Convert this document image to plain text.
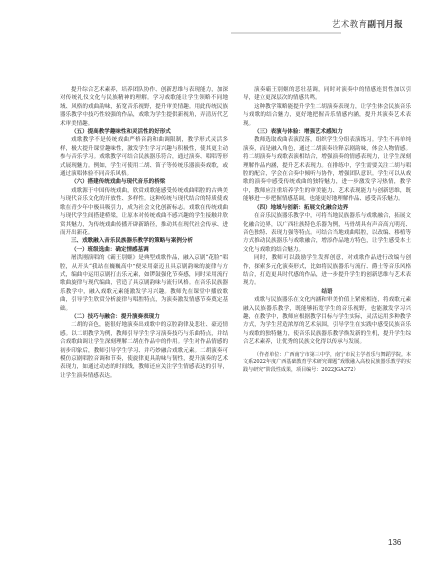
艺术教育副刊月报

提升综合艺术素养，培养团队协作、创新思维与表现能力，加深对传统礼仪文化与民族精神的理解。学习戏歌能让学生领略不同地域、风格的戏曲韵味，拓宽音乐视野，提升审美情趣。用此传统民族器乐教学中技巧性较强的作品，戏歌为学生提供新视角，弄清历代艺术审美情趣。

（五）提高教学趣味性和灵活性的好形式

戏歌教学不是传统戏曲严格音韵和曲调限制，教学形式灵活多样，极大提升课堂趣味性，激发学生学习兴趣与积极性，使其更主动参与音乐学习。戏歌教学可结合民族器乐符合，通过演奏、唱唱等形式展现魅力。例如，学生可使用二胡、笛子等传统乐器演奏戏歌，或通过演唱体验不同音乐风格。

（六）搭建传统戏曲与现代音乐的桥梁

戏歌源于中国传统戏曲，欣赏戏歌能感受传统戏曲唱腔的古典美与现代音乐文化的开放性、多样性。这种传统与现代结合的特质使戏歌在青少年中极具吸引力，成为社会文化创新标志。戏歌在传统戏曲与现代学生间搭建桥梁，让原本对传统戏曲不感兴趣的学生接触并欣赏其魅力，为传统戏曲传播开辟新路径，推动其在现代社会传承、进而开出新花。

三、戏歌融入音乐民族器乐教学的策略与案例分析

（一）班级选曲：确定情感基调

屠洪刚演唱的《霸王别姬》是典型戏歌作品，融入京剧“花脸”唱腔，从开头“我站在巍巍高中”便采用豪迈且具京剧韵味的旋律与方式，编曲中运用京剧打击乐元素，如锣鼓强化节奏感，同时采用流行歌曲旋律与现代编曲，营造了具京剧韵味与流行风格。在音乐民族器乐教学中，融入戏歌元素能激发学习兴趣。教师先在课堂中播放歌曲，引导学生欣赏分析旋律与唱腔特点，为演奏激发情感节奏奠定基础。

（二）技巧与融合：提升演奏表现力

二胡的音色，能很好地演奏出戏歌中的京腔韵律及悲壮、豪迈情感。以二胡教学为例，教师引导学生学习演奏技巧与乐曲特点，并结合戏歌曲调让学生深刻理解二胡在作品中的作用。学生对作品情感的初步印象后，教师引导学生学习、并巧妙融合戏歌元素。二胡演奏可模仿京剧唱腔音调和节奏，使旋律更具韵味与韧性，提升演奏的艺术表现力，如通过动态的时间线，教师还应关注学生情感表达的引导，让学生演奏情感表达。

演奏霸王别姬的悲壮基调，同时对演奏中的情感连贯性加以引导，建立更深层次的情感共鸣。

这种教学策略能提升学生二胡演奏表现力，让学生体会民族音乐与戏歌的结合魅力，更好地把握音乐情感内涵，提升其演奏艺术表现。

（三）表演与体验：增强艺术感知力

教师选取戏曲表演段落，组织学生分组表演练习。学生不再单纯演奏，而是融入角色，通过二胡演奏诠释京剧韵味，体会人物情感。将二胡演奏与戏歌表演相结合，增强演奏的情感表现力，让学生深刻理解作品内涵，提升艺术表现力。在排练中，学生需要关注二胡与唱腔的配合，学会在合奏中倾听与协作，增强团队意识。学生可以从戏歌的演奏中感受传统戏曲的独特魅力，进一步激发学习热情，教学中，教师应注重培养学生的审美能力、艺术表现能力与创新思维，既能够进一步把握情感基调，也能更好地理解作品、感受音乐魅力。

（四）地域与创新：拓展文化融合边界

在音乐民族器乐教学中，可将当地民族器乐与戏歌融合，拓展文化融合边界，以广西壮族特色乐器为例，马骨胡具有声音高亢明亮、音色独特、表现力强等特点。可结合当地戏曲唱腔，以改编、移植等方式推动民族器乐与戏歌融合，增添作品地方特色，让学生感受本土文化与戏歌的结合魅力。

同时，教师可以鼓励学生发挥创意，对戏歌作品进行改编与创作，探索多元化演奏形式，比如将民族器乐与流行、爵士等音乐风格结合，打造更具时代感的作品，进一步提升学生的创新思维与艺术表现力。

结语

戏歌与民族器乐在文化内涵和审美价值上紧密相连，将戏歌元素融入民族器乐教学，既能够拓宽学生的音乐视野，也能激发学习兴趣，在教学中，教师应根据教学目标与学生实际，灵活运用多种教学方式，为学生营造浓厚的艺术氛围，引导学生在实践中感受民族音乐与戏歌的独特魅力，使音乐民族器乐教学焕发新的生机，提升学生综合艺术素养，让优秀的民族文化得以传承与发展。

（作者单位：广西南宁市第三中学，南宁市民主学者乐与舞蹈学院。本文系2022年度广西基础教育学术研究课题“戏歌融入高校民族器乐教学的实践与研究”阶段性成果，项目编号：2022JGA272）

136
